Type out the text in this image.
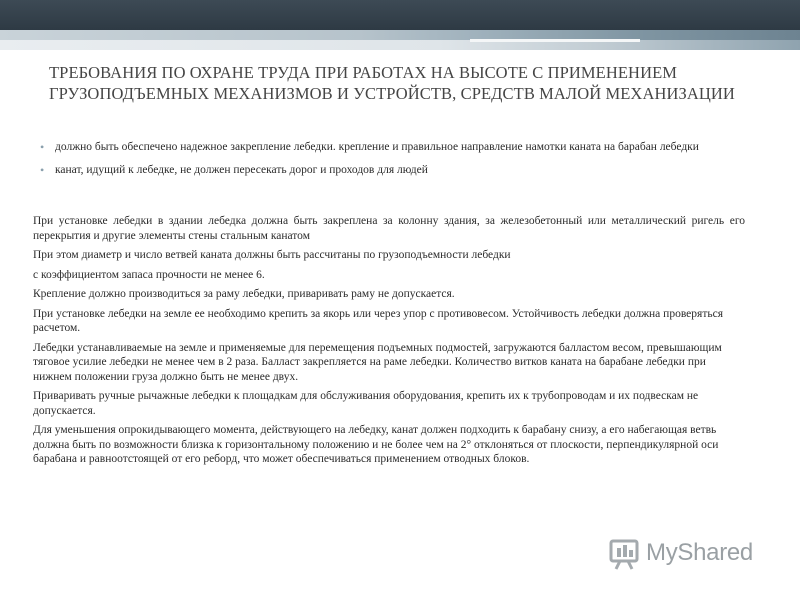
ТРЕБОВАНИЯ ПО ОХРАНЕ ТРУДА ПРИ РАБОТАХ НА ВЫСОТЕ С ПРИМЕНЕНИЕМ ГРУЗОПОДЪЕМНЫХ МЕХАНИЗМОВ И УСТРОЙСТВ, СРЕДСТВ МАЛОЙ МЕХАНИЗАЦИИ
• должно быть обеспечено надежное закрепление лебедки. крепление и правильное направление намотки каната на барабан лебедки
• канат, идущий к лебедке, не должен пересекать дорог и проходов для людей

При установке лебедки в здании лебедка должна быть закреплена за колонну здания, за железобетонный или металлический ригель его перекрытия и другие элементы стены стальным канатом

При этом диаметр и число ветвей каната должны быть рассчитаны по грузоподъемности лебедки

с коэффициентом запаса прочности не менее 6.

Крепление должно производиться за раму лебедки, приваривать раму не допускается.

При установке лебедки на земле ее необходимо крепить за якорь или через упор с противовесом. Устойчивость лебедки должна проверяться расчетом.

Лебедки устанавливаемые на земле и применяемые для перемещения подъемных подмостей, загружаются балластом весом, превышающим тяговое усилие лебедки не менее чем в 2 раза. Балласт закрепляется на раме лебедки. Количество витков каната на барабане лебедки при нижнем положении груза должно быть не менее двух.

Приваривать ручные рычажные лебедки к площадкам для обслуживания оборудования, крепить их к трубопроводам и их подвескам не допускается.

Для уменьшения опрокидывающего момента, действующего на лебедку, канат должен подходить к барабану снизу, а его набегающая ветвь должна быть по возможности близка к горизонтальному положению и не более чем на 2° отклоняться от плоскости, перпендикулярной оси барабана и равноотстоящей от его реборд, что может обеспечиваться применением отводных блоков.

MyShared
